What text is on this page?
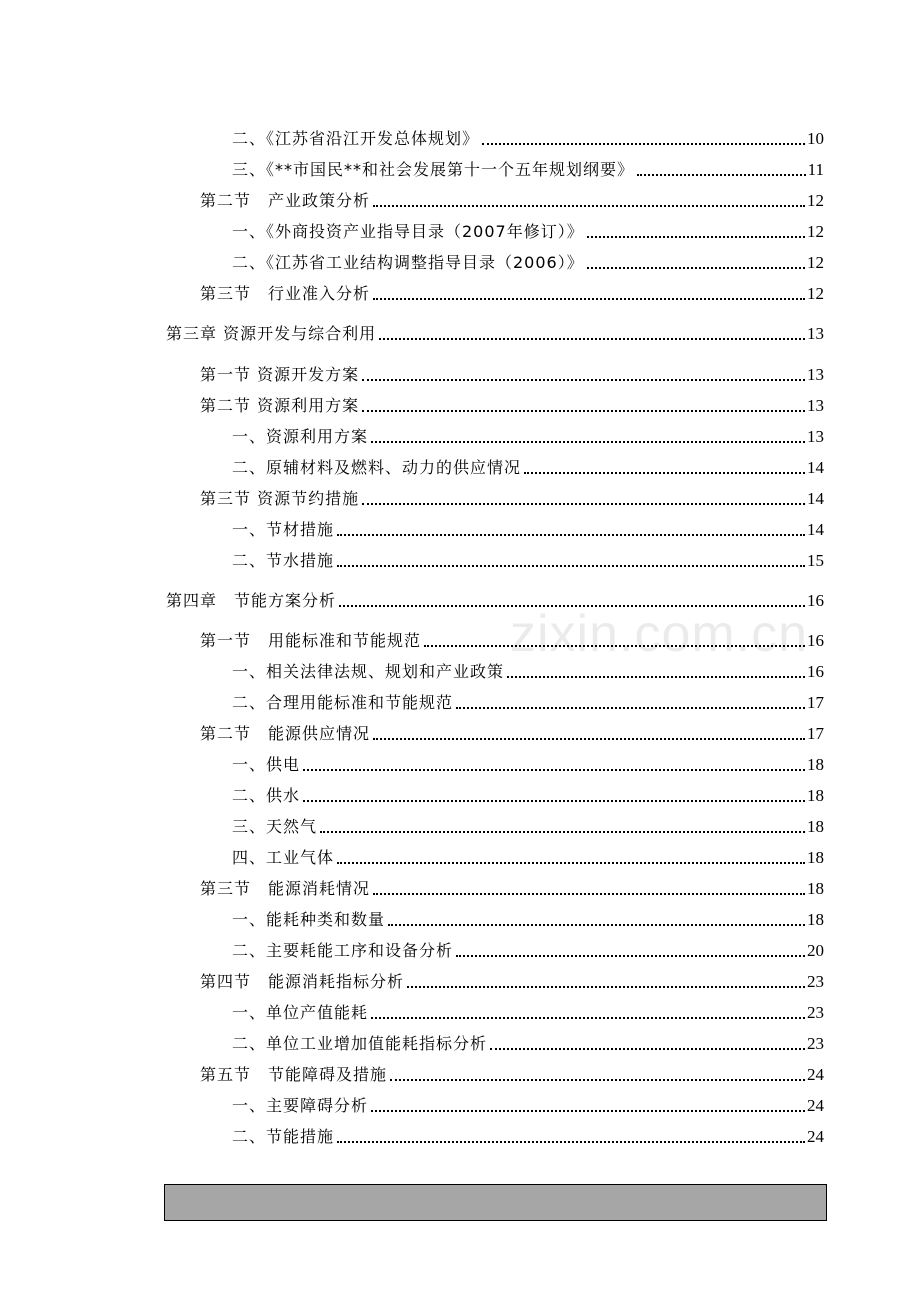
二、《江苏省沿江开发总体规划》	10
三、《**市国民**和社会发展第十一个五年规划纲要》	11
第二节　产业政策分析	12
一、《外商投资产业指导目录（2007年修订）》	12
二、《江苏省工业结构调整指导目录（2006）》	12
第三节　行业准入分析	12
第三章 资源开发与综合利用	13
第一节 资源开发方案	13
第二节 资源利用方案	13
一、资源利用方案	13
二、原辅材料及燃料、动力的供应情况	14
第三节 资源节约措施	14
一、节材措施	14
二、节水措施	15
第四章　节能方案分析	16
第一节　用能标准和节能规范	16
一、相关法律法规、规划和产业政策	16
二、合理用能标准和节能规范	17
第二节　能源供应情况	17
一、供电	18
二、供水	18
三、天然气	18
四、工业气体	18
第三节　能源消耗情况	18
一、能耗种类和数量	18
二、主要耗能工序和设备分析	20
第四节　能源消耗指标分析	23
一、单位产值能耗	23
二、单位工业增加值能耗指标分析	23
第五节　节能障碍及措施	24
一、主要障碍分析	24
二、节能措施	24
zixin.com.cn
